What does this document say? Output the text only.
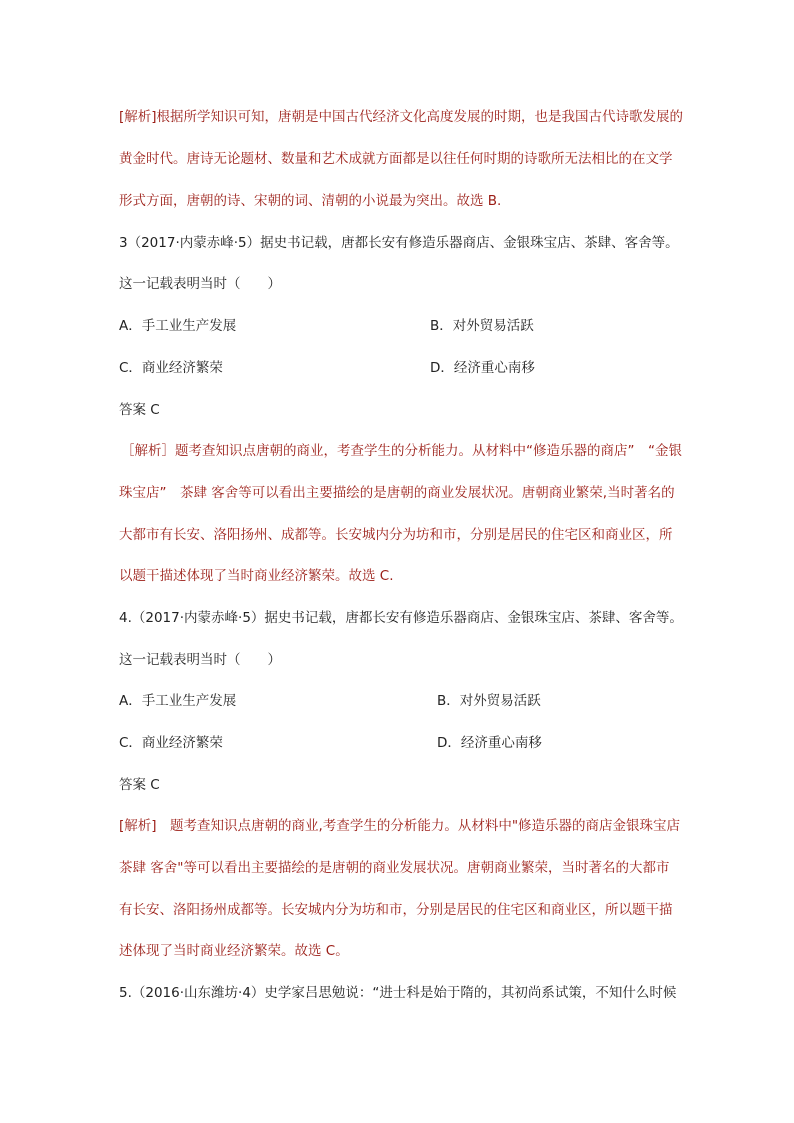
[解析]根据所学知识可知，唐朝是中国古代经济文化高度发展的时期，也是我国古代诗歌发展的
黄金时代。唐诗无论题材、数量和艺术成就方面都是以往任何时期的诗歌所无法相比的在文学
形式方面，唐朝的诗、宋朝的词、清朝的小说最为突出。故选 B.
3（2017·内蒙赤峰·5）据史书记载，唐都长安有修造乐器商店、金银珠宝店、茶肆、客舍等。
这一记载表明当时（　　）
A．手工业生产发展	B．对外贸易活跃
C．商业经济繁荣	D．经济重心南移
答案 C
［解析］题考查知识点唐朝的商业，考查学生的分析能力。从材料中“修造乐器的商店”　“金银
珠宝店”　茶肆 客舍等可以看出主要描绘的是唐朝的商业发展状况。唐朝商业繁荣,当时著名的
大都市有长安、洛阳扬州、成都等。长安城内分为坊和市，分别是居民的住宅区和商业区，所
以题干描述体现了当时商业经济繁荣。故选 C.
4.（2017·内蒙赤峰·5）据史书记载，唐都长安有修造乐器商店、金银珠宝店、茶肆、客舍等。
这一记载表明当时（　　）
A．手工业生产发展	B．对外贸易活跃
C．商业经济繁荣	D．经济重心南移
答案 C
[解析]　题考查知识点唐朝的商业,考查学生的分析能力。从材料中"修造乐器的商店金银珠宝店
茶肆 客舍"等可以看出主要描绘的是唐朝的商业发展状况。唐朝商业繁荣，当时著名的大都市
有长安、洛阳扬州成都等。长安城内分为坊和市，分别是居民的住宅区和商业区，所以题干描
述体现了当时商业经济繁荣。故选 C。
5.（2016·山东潍坊·4）史学家吕思勉说：“进士科是始于隋的，其初尚系试策，不知什么时候
